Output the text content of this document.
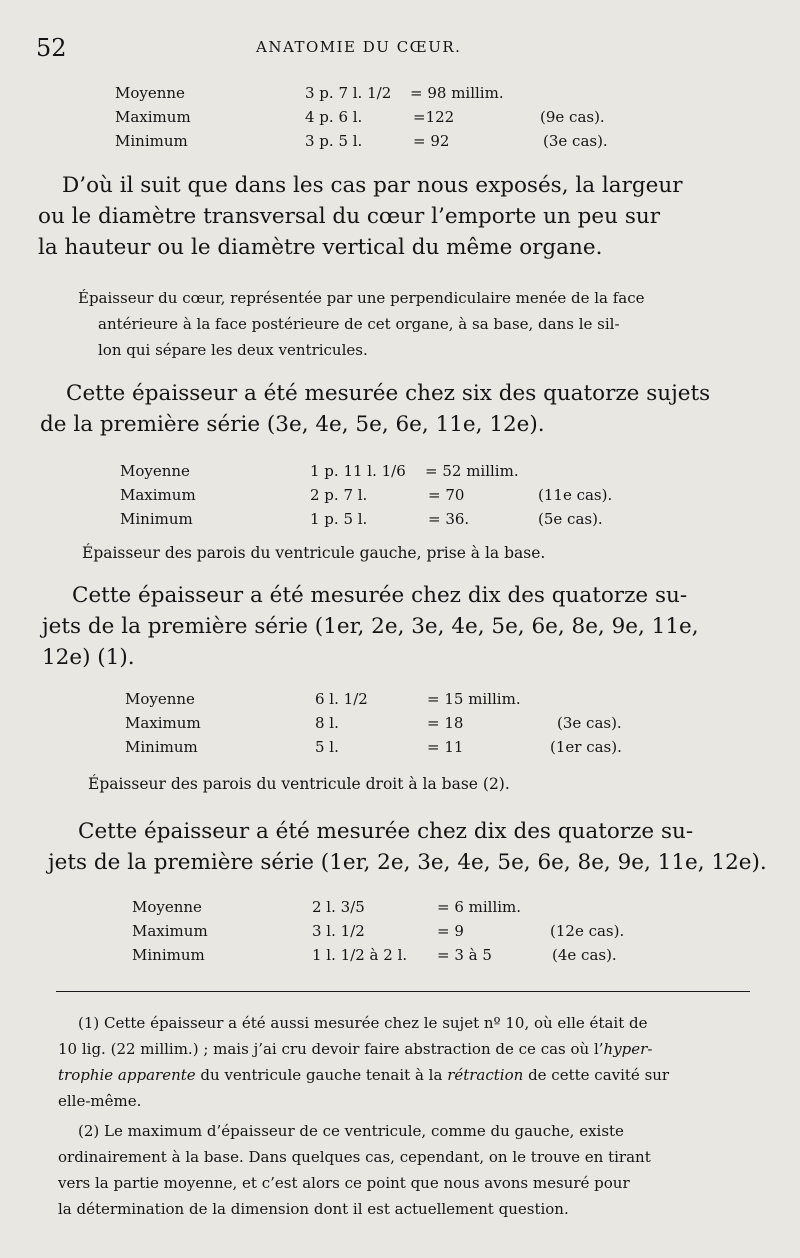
52	ANATOMIE DU CŒUR.
Moyenne	3 p. 7 l. 1/2 = 98 millim.
Maximum	4 p. 6 l.	=122	(9e cas).
Minimum	3 p. 5 l.	= 92	(3e cas).
D’où il suit que dans les cas par nous exposés, la largeur
ou le diamètre transversal du cœur l’emporte un peu sur
la hauteur ou le diamètre vertical du même organe.
Épaisseur du cœur, représentée par une perpendiculaire menée de la face
antérieure à la face postérieure de cet organe, à sa base, dans le sil-
lon qui sépare les deux ventricules.
Cette épaisseur a été mesurée chez six des quatorze sujets
de la première série (3e, 4e, 5e, 6e, 11e, 12e).
Moyenne	1 p. 11 l. 1/6 = 52 millim.
Maximum	2 p. 7 l.	= 70	(11e cas).
Minimum	1 p. 5 l.	= 36.	(5e cas).
Épaisseur des parois du ventricule gauche, prise à la base.
Cette épaisseur a été mesurée chez dix des quatorze su-
jets de la première série (1er, 2e, 3e, 4e, 5e, 6e, 8e, 9e, 11e,
12e) (1).
Moyenne	6 l. 1/2	= 15 millim.
Maximum	8 l.	= 18	(3e cas).
Minimum	5 l.	= 11	(1er cas).
Épaisseur des parois du ventricule droit à la base (2).
Cette épaisseur a été mesurée chez dix des quatorze su-
jets de la première série (1er, 2e, 3e, 4e, 5e, 6e, 8e, 9e, 11e, 12e).
Moyenne	2 l. 3/5	= 6 millim.
Maximum	3 l. 1/2	= 9	(12e cas).
Minimum	1 l. 1/2 à 2 l. = 3 à 5	(4e cas).
(1) Cette épaisseur a été aussi mesurée chez le sujet nº 10, où elle était de
10 lig. (22 millim.) ; mais j’ai cru devoir faire abstraction de ce cas où l’hyper-
trophie apparente du ventricule gauche tenait à la rétraction de cette cavité sur
elle-même.
(2) Le maximum d’épaisseur de ce ventricule, comme du gauche, existe
ordinairement à la base. Dans quelques cas, cependant, on le trouve en tirant
vers la partie moyenne, et c’est alors ce point que nous avons mesuré pour
la détermination de la dimension dont il est actuellement question.
